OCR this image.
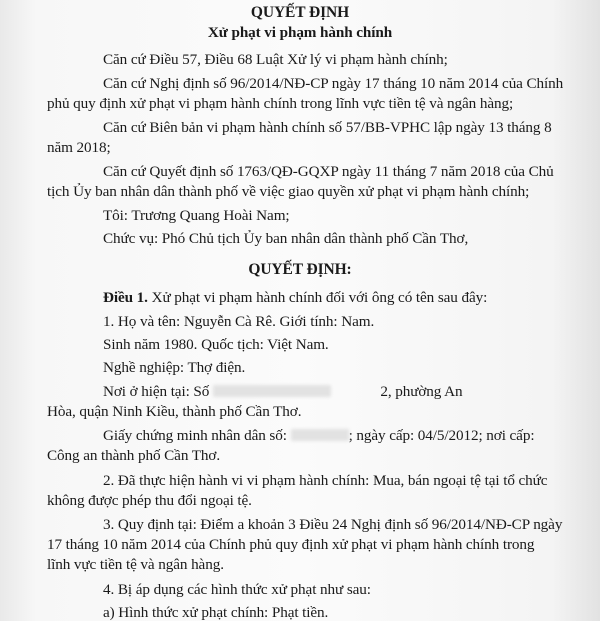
QUYẾT ĐỊNH
Xử phạt vi phạm hành chính
Căn cứ Điều 57, Điều 68 Luật Xử lý vi phạm hành chính;
Căn cứ Nghị định số 96/2014/NĐ-CP ngày 17 tháng 10 năm 2014 của Chính
phủ quy định xử phạt vi phạm hành chính trong lĩnh vực tiền tệ và ngân hàng;
Căn cứ Biên bản vi phạm hành chính số 57/BB-VPHC lập ngày 13 tháng 8
năm 2018;
Căn cứ Quyết định số 1763/QĐ-GQXP ngày 11 tháng 7 năm 2018 của Chủ
tịch Ủy ban nhân dân thành phố về việc giao quyền xử phạt vi phạm hành chính;
Tôi: Trương Quang Hoài Nam;
Chức vụ: Phó Chủ tịch Ủy ban nhân dân thành phố Cần Thơ,
QUYẾT ĐỊNH:
Điều 1. Xử phạt vi phạm hành chính đối với ông có tên sau đây:
1. Họ và tên: Nguyễn Cà Rê. Giới tính: Nam.
Sinh năm 1980. Quốc tịch: Việt Nam.
Nghề nghiệp: Thợ điện.
Nơi ở hiện tại: Số	2, phường An
Hòa, quận Ninh Kiều, thành phố Cần Thơ.
Giấy chứng minh nhân dân số:	; ngày cấp: 04/5/2012; nơi cấp:
Công an thành phố Cần Thơ.
2. Đã thực hiện hành vi vi phạm hành chính: Mua, bán ngoại tệ tại tổ chức
không được phép thu đổi ngoại tệ.
3. Quy định tại: Điểm a khoản 3 Điều 24 Nghị định số 96/2014/NĐ-CP ngày
17 tháng 10 năm 2014 của Chính phủ quy định xử phạt vi phạm hành chính trong
lĩnh vực tiền tệ và ngân hàng.
4. Bị áp dụng các hình thức xử phạt như sau:
a) Hình thức xử phạt chính: Phạt tiền.
